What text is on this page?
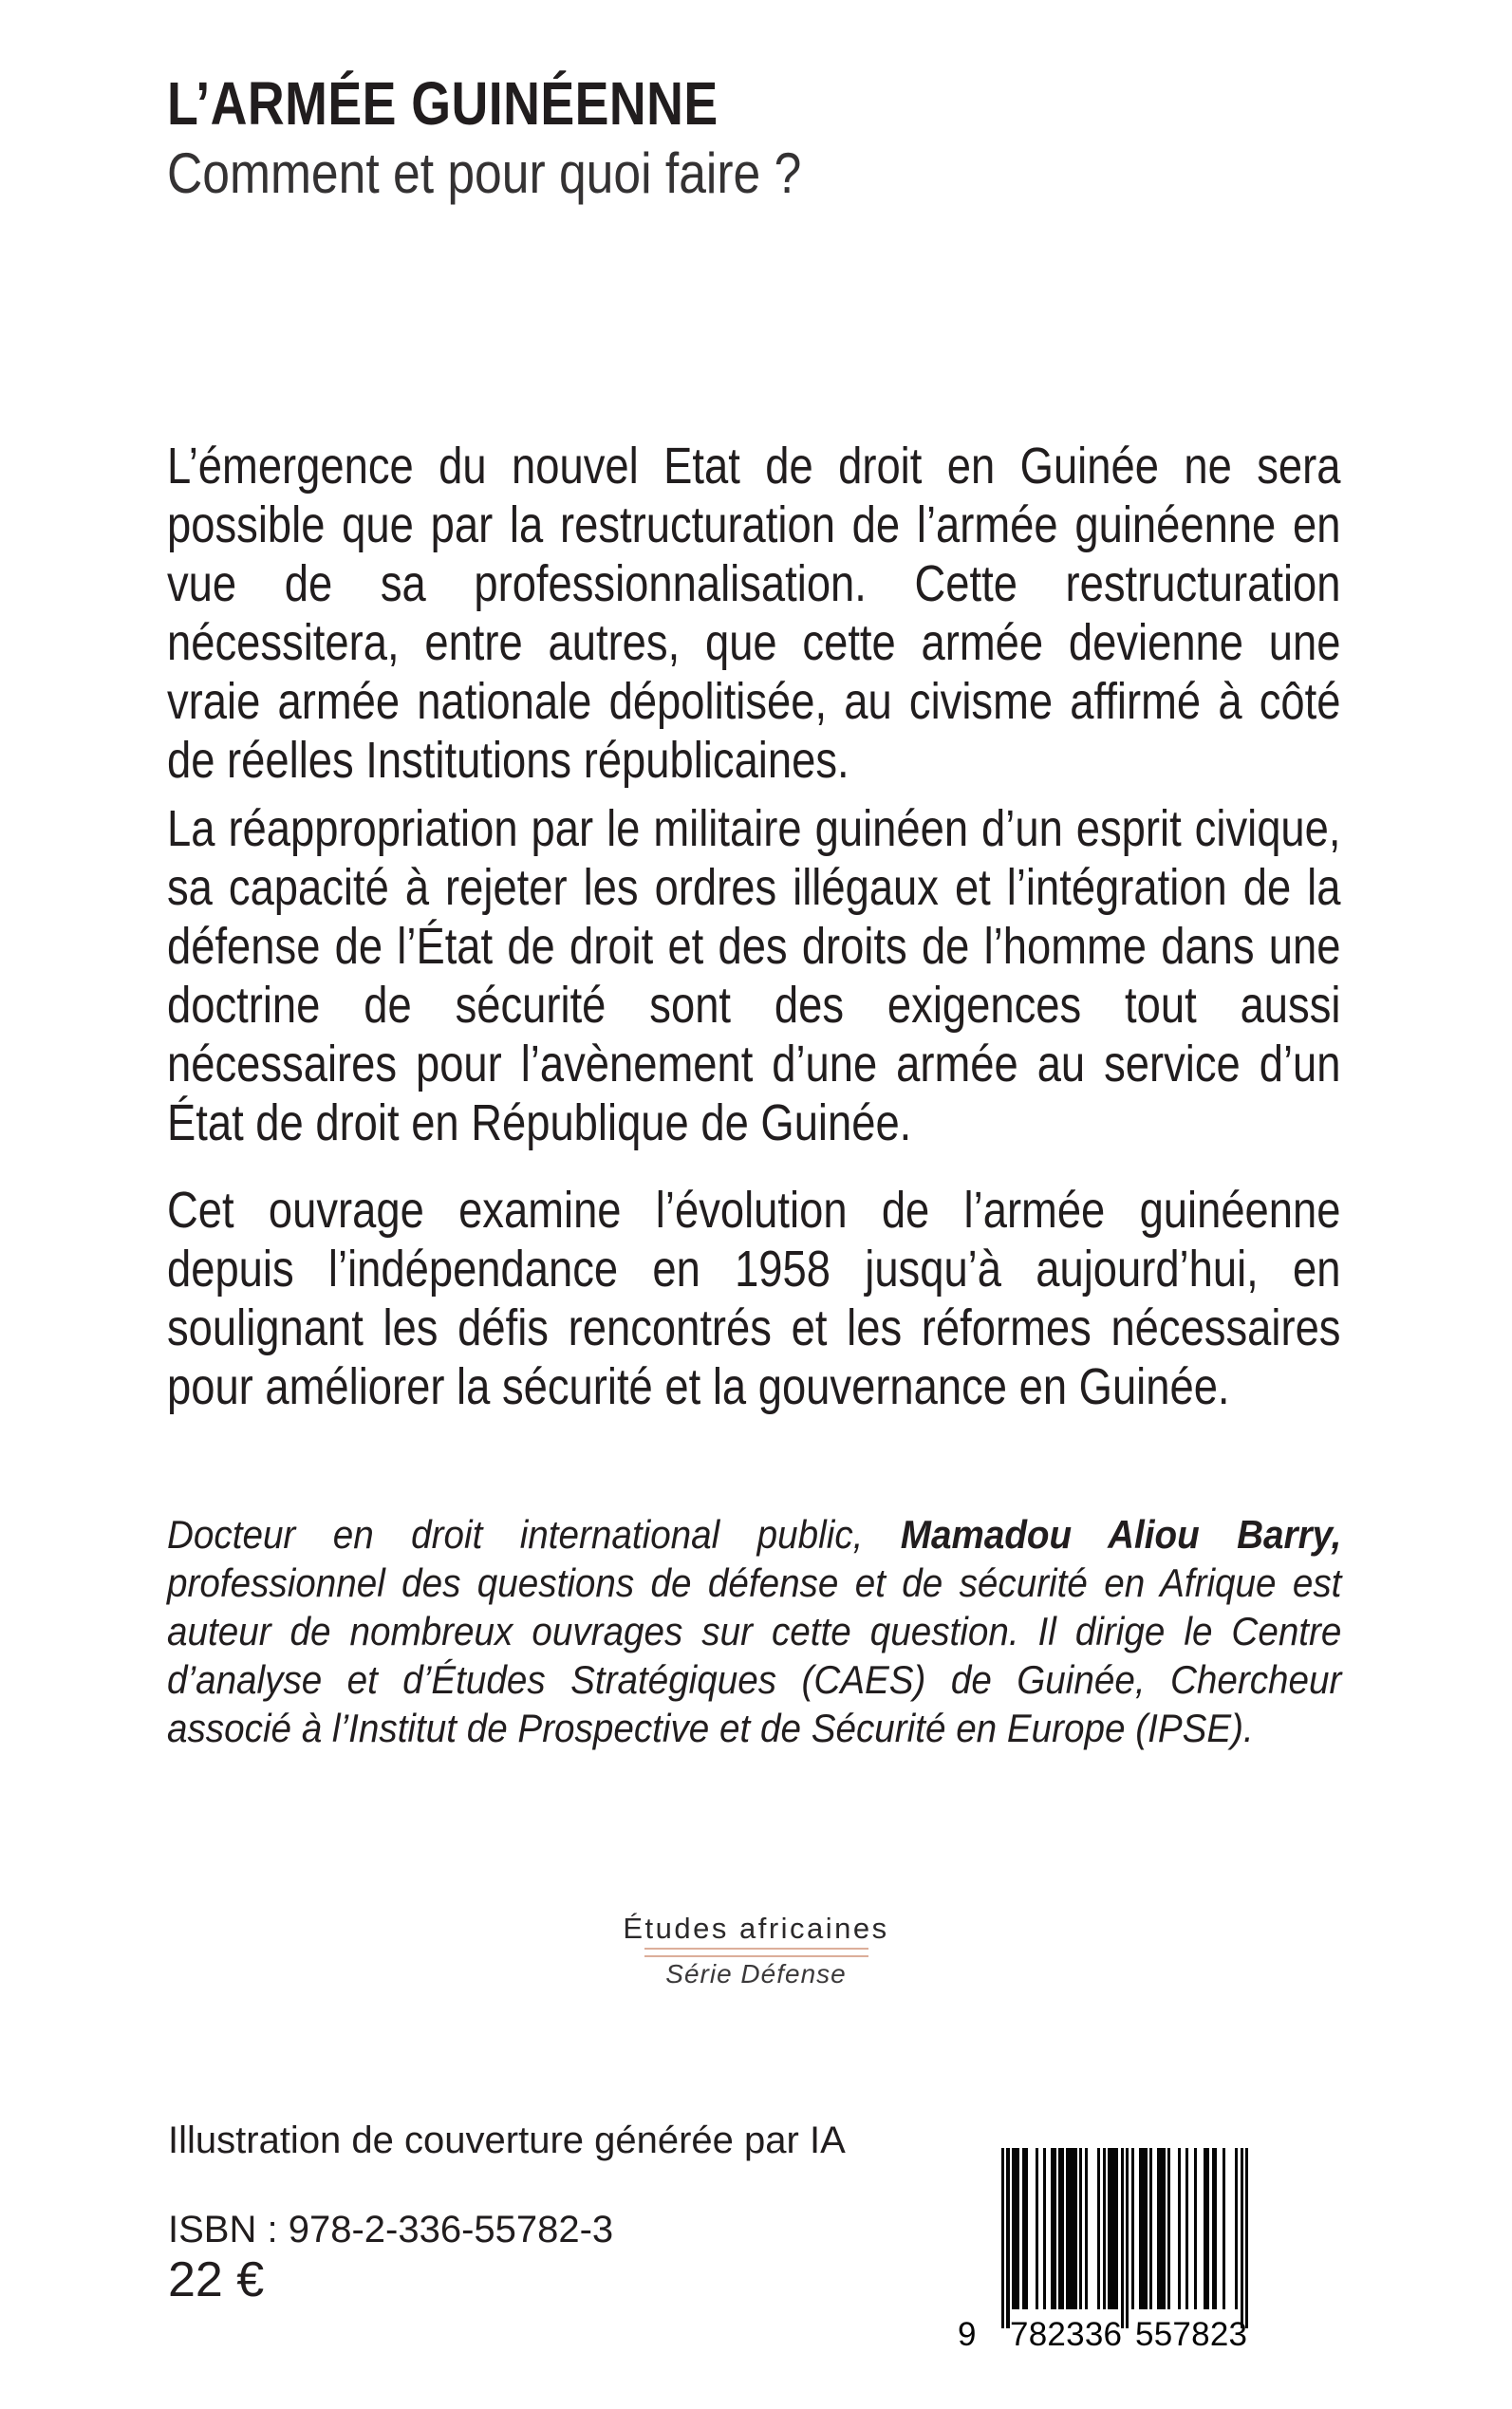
L’ARMÉE GUINÉENNE
Comment et pour quoi faire ?

L’émergence du nouvel Etat de droit en Guinée ne sera possible que par la restructuration de l’armée guinéenne en vue de sa professionnalisation. Cette restructuration nécessitera, entre autres, que cette armée devienne une vraie armée nationale dépolitisée, au civisme affirmé à côté de réelles Institutions républicaines.

La réappropriation par le militaire guinéen d’un esprit civique, sa capacité à rejeter les ordres illégaux et l’intégration de la défense de l’État de droit et des droits de l’homme dans une doctrine de sécurité sont des exigences tout aussi nécessaires pour l’avènement d’une armée au service d’un État de droit en République de Guinée.

Cet ouvrage examine l’évolution de l’armée guinéenne depuis l’indépendance en 1958 jusqu’à aujourd’hui, en soulignant les défis rencontrés et les réformes nécessaires pour améliorer la sécurité et la gouvernance en Guinée.

Docteur en droit international public, Mamadou Aliou Barry, professionnel des questions de défense et de sécurité en Afrique est auteur de nombreux ouvrages sur cette question. Il dirige le Centre d’analyse et d’Études Stratégiques (CAES) de Guinée, Chercheur associé à l’Institut de Prospective et de Sécurité en Europe (IPSE).

Études africaines
Série Défense
Illustration de couverture générée par IA
ISBN : 978-2-336-55782-3
22 €
9 7 8 2 3 3 6 5 5 7 8 2 3
